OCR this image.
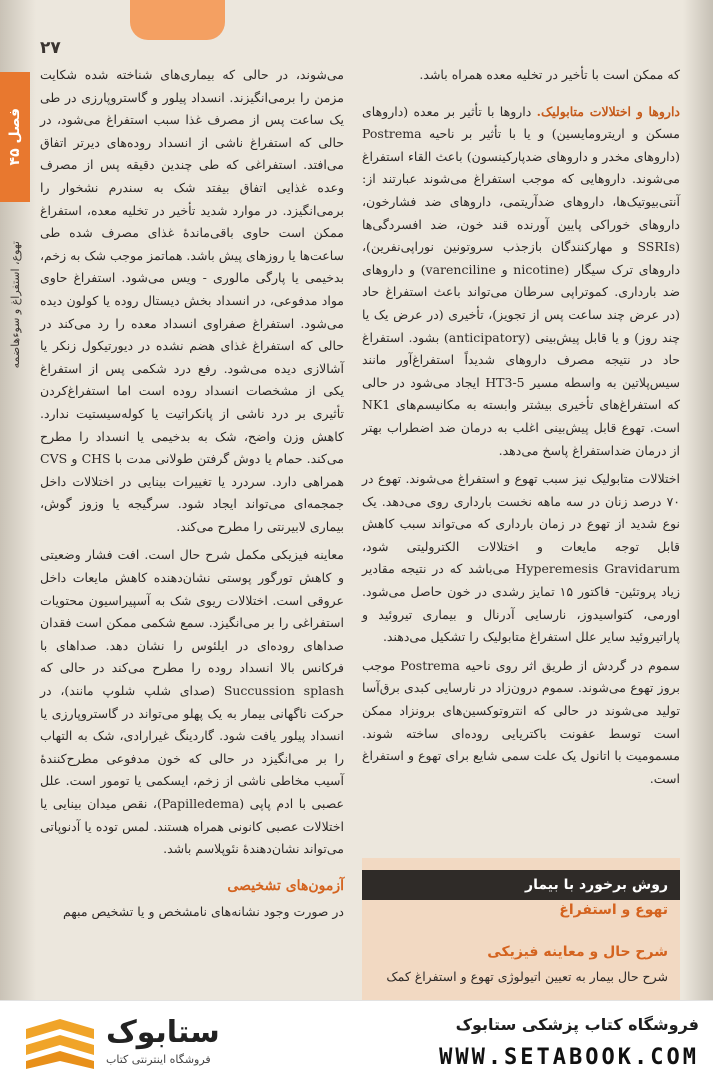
۲۷
فصل ۴۵
تهوع، استفراغ و سوءهاضمه

که ممکن است با تأخیر در تخلیه معده همراه باشد.

داروها و اختلالات متابولیک. داروها با تأثیر بر معده (داروهای مسکن و اریترومایسین) و یا با تأثیر بر ناحیه Postrema (داروهای مخدر و داروهای ضدپارکینسون) باعث القاء استفراغ می‌شوند. داروهایی که موجب استفراغ می‌شوند عبارتند از: آنتی‌بیوتیک‌ها، داروهای ضدآریتمی، داروهای ضد فشارخون، داروهای خوراکی پایین آورنده قند خون، ضد افسردگی‌ها (SSRIs و مهارکنندگان بازجذب سروتونین نوراپی‌نفرین)، داروهای ترک سیگار (nicotine و varenciline) و داروهای ضد بارداری. کموتراپی سرطان می‌تواند باعث استفراغ حاد (در عرض چند ساعت پس از تجویز)، تأخیری (در عرض یک یا چند روز) و یا قابل پیش‌بینی (anticipatory) بشود. استفراغ حاد در نتیجه مصرف داروهای شدیداً استفراغ‌آور مانند سیس‌پلاتین به واسطه مسیر 5-HT3 ایجاد می‌شود در حالی که استفراغ‌های تأخیری بیشتر وابسته به مکانیسم‌های NK1 است. تهوع قابل پیش‌بینی اغلب به درمان ضد اضطراب بهتر از درمان ضداستفراغ پاسخ می‌دهد.

اختلالات متابولیک نیز سبب تهوع و استفراغ می‌شوند. تهوع در ۷۰ درصد زنان در سه ماهه نخست بارداری روی می‌دهد. یک نوع شدید از تهوع در زمان بارداری که می‌تواند سبب کاهش قابل توجه مایعات و اختلالات الکترولیتی شود، Hyperemesis Gravidarum می‌باشد که در نتیجه مقادیر زیاد پروتئین- فاکتور ۱۵ تمایز رشدی در خون حاصل می‌شود. اورمی، کتواسیدوز، نارسایی آدرنال و بیماری تیروئید و پاراتیروئید سایر علل استفراغ متابولیک را تشکیل می‌دهند.

سموم در گردش از طریق اثر روی ناحیه Postrema موجب بروز تهوع می‌شوند. سموم درون‌زاد در نارسایی کبدی برق‌آسا تولید می‌شوند در حالی که انتروتوکسین‌های برونزاد ممکن است توسط عفونت باکتریایی روده‌ای ساخته شوند. مسمومیت با اتانول یک علت سمی شایع برای تهوع و استفراغ است.

می‌شوند، در حالی که بیماری‌های شناخته شده شکایت مزمن را برمی‌انگیزند. انسداد پیلور و گاستروپارزی در طی یک ساعت پس از مصرف غذا سبب استفراغ می‌شود، در حالی که استفراغ ناشی از انسداد روده‌های دیرتر اتفاق می‌افتد. استفراغی که طی چندین دقیقه پس از مصرف وعده غذایی اتفاق بیفتد شک به سندرم نشخوار را برمی‌انگیزد. در موارد شدید تأخیر در تخلیه معده، استفراغ ممکن است حاوی باقی‌ماندهٔ غذای مصرف شده طی ساعت‌ها یا روزهای پیش باشد. هماتمز موجب شک به زخم، بدخیمی یا پارگی مالوری - ویس می‌شود. استفراغ حاوی مواد مدفوعی، در انسداد بخش دیستال روده یا کولون دیده می‌شود. استفراغ صفراوی انسداد معده را رد می‌کند در حالی که استفراغ غذای هضم نشده در دیورتیکول زنکر یا آشالازی دیده می‌شود. رفع درد شکمی پس از استفراغ یکی از مشخصات انسداد روده است اما استفراغ‌کردن تأثیری بر درد ناشی از پانکراتیت یا کوله‌سیستیت ندارد. کاهش وزن واضح، شک به بدخیمی یا انسداد را مطرح می‌کند. حمام یا دوش گرفتن طولانی مدت با CHS و CVS همراهی دارد. سردرد یا تغییرات بینایی در اختلالات داخل جمجمه‌ای می‌تواند ایجاد شود. سرگیجه یا وزوز گوش، بیماری لابیرنتی را مطرح می‌کند.

معاینه فیزیکی مکمل شرح حال است. افت فشار وضعیتی و کاهش تورگور پوستی نشان‌دهنده کاهش مایعات داخل عروقی است. اختلالات ریوی شک به آسپیراسیون محتویات استفراغی را بر می‌انگیزد. سمع شکمی ممکن است فقدان صداهای روده‌ای در ایلئوس را نشان دهد. صداهای با فرکانس بالا انسداد روده را مطرح می‌کند در حالی که Succussion splash (صدای شلپ شلوپ مانند)، در حرکت ناگهانی بیمار به یک پهلو می‌تواند در گاستروپارزی یا انسداد پیلور یافت شود. گاردینگ غیرارادی، شک به التهاب را بر می‌انگیزد در حالی که خون مدفوعی مطرح‌کنندهٔ آسیب مخاطی ناشی از زخم، ایسکمی یا تومور است. علل عصبی با ادم پاپی (Papilledema)، نقص میدان بینایی یا اختلالات عصبی کانونی همراه هستند. لمس توده یا آدنوپاتی می‌تواند نشان‌دهندهٔ نئوپلاسم باشد.

آزمون‌های تشخیصی

در صورت وجود نشانه‌های نامشخص و یا تشخیص مبهم

روش برخورد با بیمار
تهوع و استفراغ
شرح حال و معاینه فیزیکی
شرح حال بیمار به تعیین اتیولوژی تهوع و استفراغ کمک
ستابوک
فروشگاه اینترنتی کتاب
فروشگاه کتاب پزشکی ستابوک
WWW.SETABOOK.COM
